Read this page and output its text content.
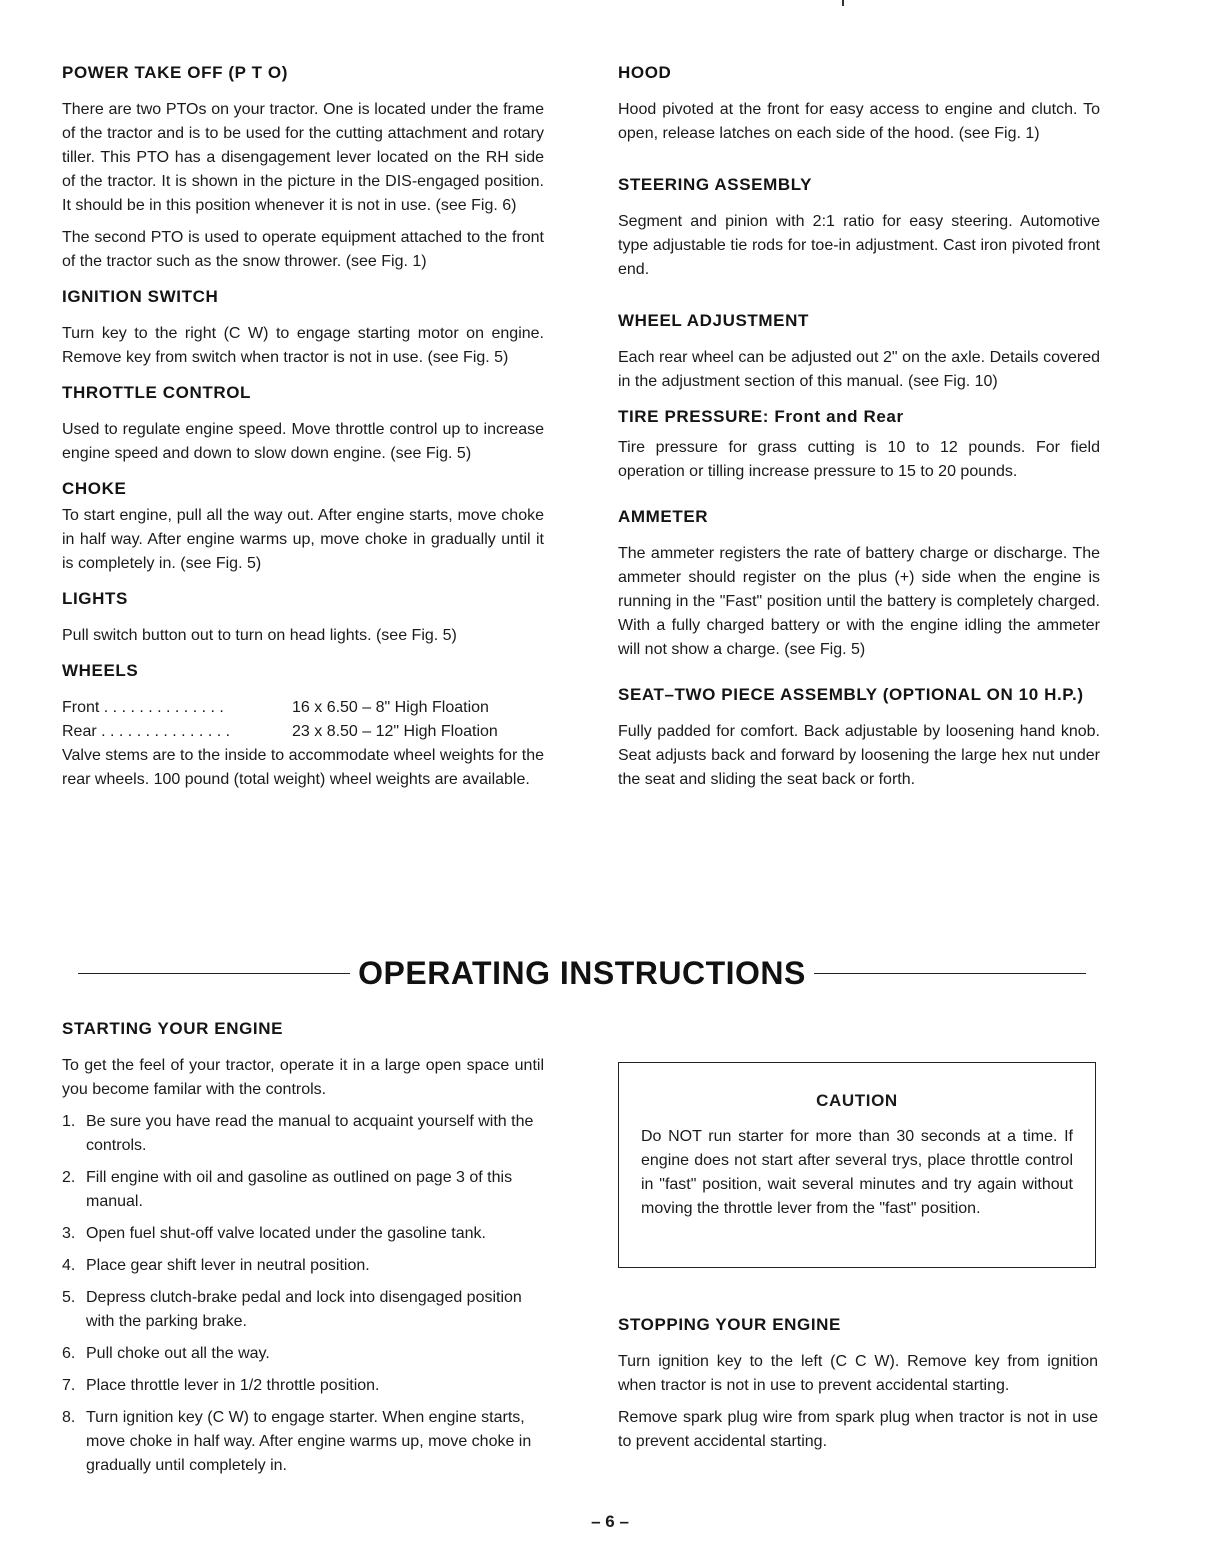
POWER TAKE OFF (P T O)

There are two PTOs on your tractor. One is located under the frame of the tractor and is to be used for the cutting attachment and rotary tiller. This PTO has a disengagement lever located on the RH side of the tractor. It is shown in the picture in the DIS-engaged position. It should be in this position whenever it is not in use. (see Fig. 6)

The second PTO is used to operate equipment attached to the front of the tractor such as the snow thrower. (see Fig. 1)

IGNITION SWITCH

Turn key to the right (C W) to engage starting motor on engine. Remove key from switch when tractor is not in use. (see Fig. 5)

THROTTLE CONTROL

Used to regulate engine speed. Move throttle control up to increase engine speed and down to slow down engine. (see Fig. 5)

CHOKE

To start engine, pull all the way out. After engine starts, move choke in half way. After engine warms up, move choke in gradually until it is completely in. (see Fig. 5)

LIGHTS

Pull switch button out to turn on head lights. (see Fig. 5)

WHEELS
Front . . . . . . . . . . . . . .	16 x 6.50 – 8" High Floation
Rear . . . . . . . . . . . . . . .	23 x 8.50 – 12" High Floation

Valve stems are to the inside to accommodate wheel weights for the rear wheels. 100 pound (total weight) wheel weights are available.

HOOD

Hood pivoted at the front for easy access to engine and clutch. To open, release latches on each side of the hood. (see Fig. 1)

STEERING ASSEMBLY

Segment and pinion with 2:1 ratio for easy steering. Automotive type adjustable tie rods for toe-in adjustment. Cast iron pivoted front end.

WHEEL ADJUSTMENT

Each rear wheel can be adjusted out 2" on the axle. Details covered in the adjustment section of this manual. (see Fig. 10)

TIRE PRESSURE: Front and Rear

Tire pressure for grass cutting is 10 to 12 pounds. For field operation or tilling increase pressure to 15 to 20 pounds.

AMMETER

The ammeter registers the rate of battery charge or discharge. The ammeter should register on the plus (+) side when the engine is running in the "Fast" position until the battery is completely charged. With a fully charged battery or with the engine idling the ammeter will not show a charge. (see Fig. 5)

SEAT–TWO PIECE ASSEMBLY (OPTIONAL ON 10 H.P.)

Fully padded for comfort. Back adjustable by loosening hand knob. Seat adjusts back and forward by loosening the large hex nut under the seat and sliding the seat back or forth.

OPERATING INSTRUCTIONS
STARTING YOUR ENGINE

To get the feel of your tractor, operate it in a large open space until you become familar with the controls.

1. Be sure you have read the manual to acquaint yourself with the controls.
2. Fill engine with oil and gasoline as outlined on page 3 of this manual.
3. Open fuel shut-off valve located under the gasoline tank.
4. Place gear shift lever in neutral position.
5. Depress clutch-brake pedal and lock into disengaged position with the parking brake.
6. Pull choke out all the way.
7. Place throttle lever in 1/2 throttle position.
8. Turn ignition key (C W) to engage starter. When engine starts, move choke in half way. After engine warms up, move choke in gradually until completely in.
CAUTION
Do NOT run starter for more than 30 seconds at a time. If engine does not start after several trys, place throttle control in "fast" position, wait several minutes and try again without moving the throttle lever from the "fast" position.
STOPPING YOUR ENGINE

Turn ignition key to the left (C C W). Remove key from ignition when tractor is not in use to prevent accidental starting.

Remove spark plug wire from spark plug when tractor is not in use to prevent accidental starting.

– 6 –
